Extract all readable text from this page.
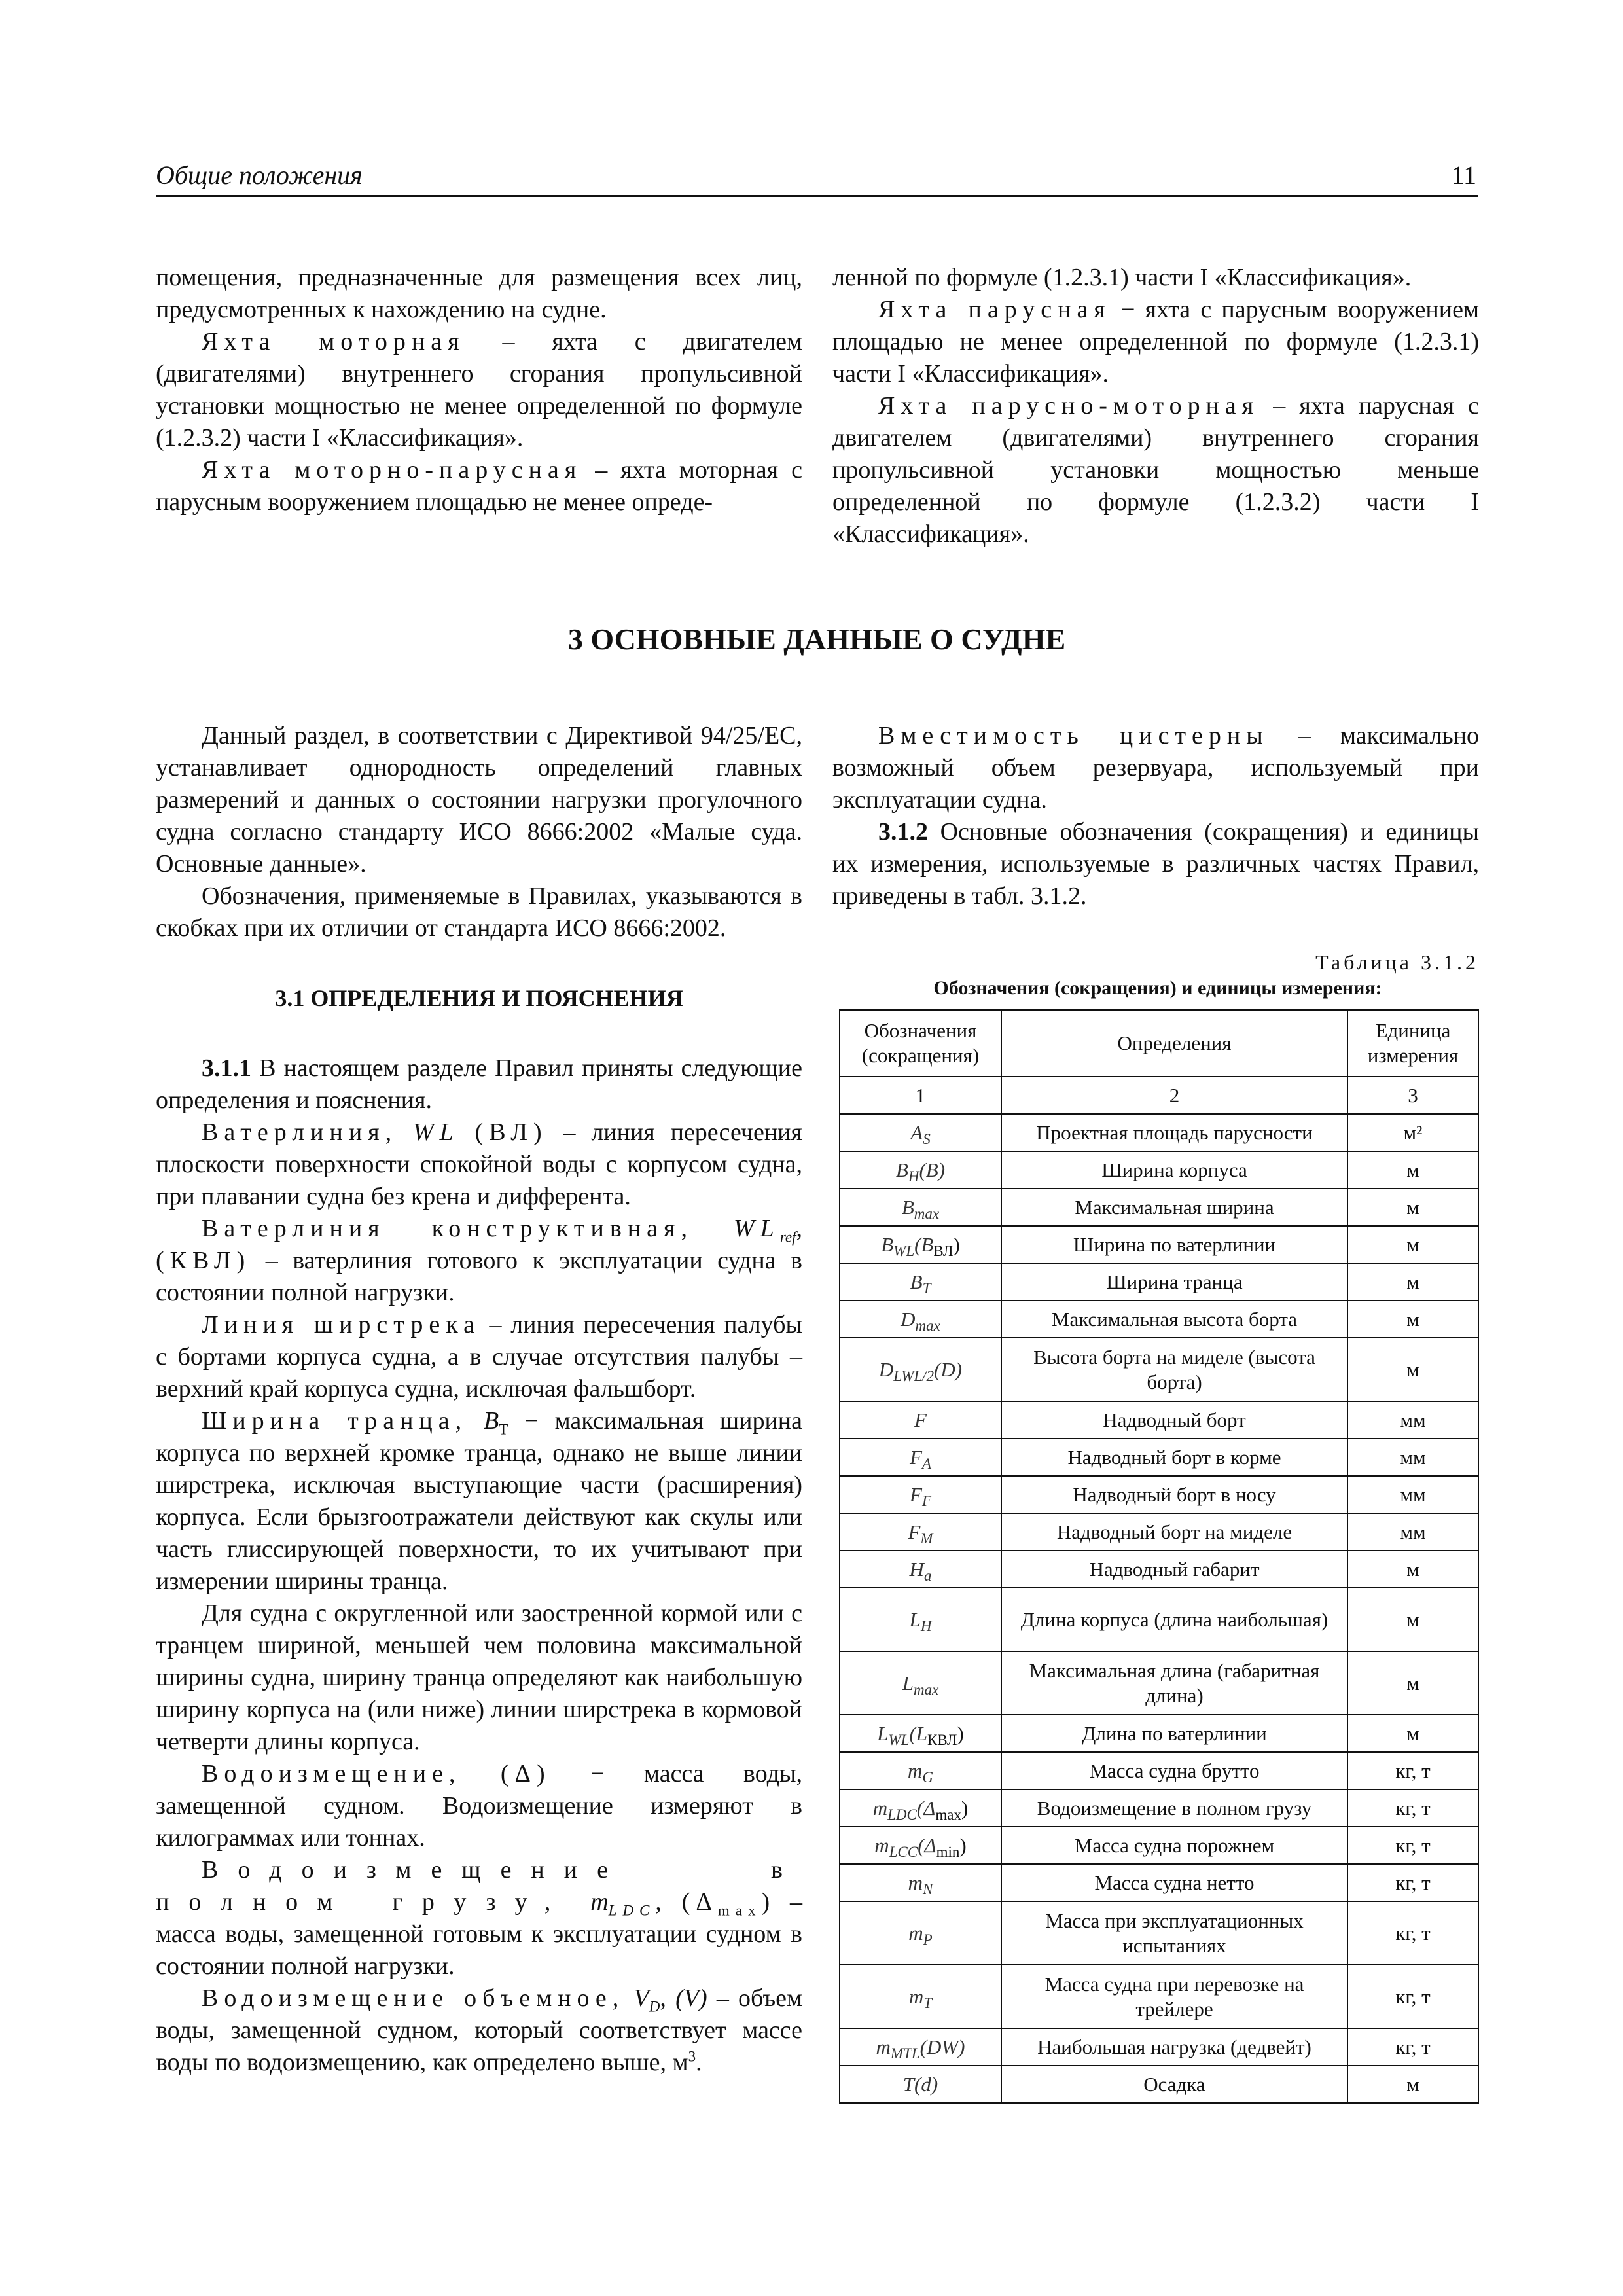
Общие положения	11

помещения, предназначенные для размещения всех лиц, предусмотренных к нахождению на судне.

Яхта моторная – яхта с двигателем (двигателями) внутреннего сгорания пропульсивной установки мощностью не менее определенной по формуле (1.2.3.2) части I «Классификация».

Яхта моторно-парусная – яхта моторная с парусным вооружением площадью не менее опреде-

ленной по формуле (1.2.3.1) части I «Классификация».

Яхта парусная − яхта с парусным вооружением площадью не менее определенной по формуле (1.2.3.1) части I «Классификация».

Яхта парусно-моторная – яхта парусная с двигателем (двигателями) внутреннего сгорания пропульсивной установки мощностью меньше определенной по формуле (1.2.3.2) части I «Классификация».

3 ОСНОВНЫЕ ДАННЫЕ О СУДНЕ

Данный раздел, в соответствии с Директивой 94/25/ЕС, устанавливает однородность определений главных размерений и данных о состоянии нагрузки прогулочного судна согласно стандарту ИСО 8666:2002 «Малые суда. Основные данные».

Обозначения, применяемые в Правилах, указываются в скобках при их отличии от стандарта ИСО 8666:2002.

3.1 ОПРЕДЕЛЕНИЯ И ПОЯСНЕНИЯ

3.1.1 В настоящем разделе Правил приняты следующие определения и пояснения.

Ватерлиния, WL (ВЛ) – линия пересечения плоскости поверхности спокойной воды с корпусом судна, при плавании судна без крена и дифферента.

Ватерлиния конструктивная, $WL_{ref}$, (КВЛ) – ватерлиния готового к эксплуатации судна в состоянии полной нагрузки.

Линия ширстрека – линия пересечения палубы с бортами корпуса судна, а в случае отсутствия палубы – верхний край корпуса судна, исключая фальшборт.

Ширина транца, $B_T$ − максимальная ширина корпуса по верхней кромке транца, однако не выше линии ширстрека, исключая выступающие части (расширения) корпуса. Если брызгоотражатели действуют как скулы или часть глиссирующей поверхности, то их учитывают при измерении ширины транца.

Для судна с округленной или заостренной кормой или с транцем шириной, меньшей чем половина максимальной ширины судна, ширину транца определяют как наибольшую ширину корпуса на (или ниже) линии ширстрека в кормовой четверти длины корпуса.

Водоизмещение, (Δ) − масса воды, замещенной судном. Водоизмещение измеряют в килограммах или тоннах.

Водоизмещение в полном грузу, $m_{LDC}$, $(\Delta_{max})$ – масса воды, замещенной готовым к эксплуатации судном в состоянии полной нагрузки.

Водоизмещение объемное, $V_D$, (V) – объем воды, замещенной судном, который соответствует массе воды по водоизмещению, как определено выше, $м^3$.

Вместимость цистерны – максимально возможный объем резервуара, используемый при эксплуатации судна.

3.1.2 Основные обозначения (сокращения) и единицы их измерения, используемые в различных частях Правил, приведены в табл. 3.1.2.

Таблица 3.1.2
Обозначения (сокращения) и единицы измерения:
Обозначения (сокращения)	Определения	Единица измерения
1	2	3
$A_S$	Проектная площадь парусности	м²
$B_H(B)$	Ширина корпуса	м
$B_{max}$	Максимальная ширина	м
$B_{WL}(B_{ВЛ})$	Ширина по ватерлинии	м
$B_Т$	Ширина транца	м
$D_{max}$	Максимальная высота борта	м
$D_{LWL/2}(D)$	Высота борта на миделе (высота борта)	м
F	Надводный борт	мм
$F_A$	Надводный борт в корме	мм
$F_F$	Надводный борт в носу	мм
$F_M$	Надводный борт на миделе	мм
$H_a$	Надводный габарит	м
$L_H$	Длина корпуса (длина наибольшая)	м
$L_{max}$	Максимальная длина (габаритная длина)	м
$L_{WL}(L_{КВЛ})$	Длина по ватерлинии	м
$m_G$	Масса судна брутто	кг, т
$m_{LDC}(\Delta_{max})$	Водоизмещение в полном грузу	кг, т
$m_{LCC}(\Delta_{min})$	Масса судна порожнем	кг, т
$m_N$	Масса судна нетто	кг, т
$m_P$	Масса при эксплуатационных испытаниях	кг, т
$m_T$	Масса судна при перевозке на трейлере	кг, т
$m_{MTL}(DW)$	Наибольшая нагрузка (дедвейт)	кг, т
T(d)	Осадка	м
